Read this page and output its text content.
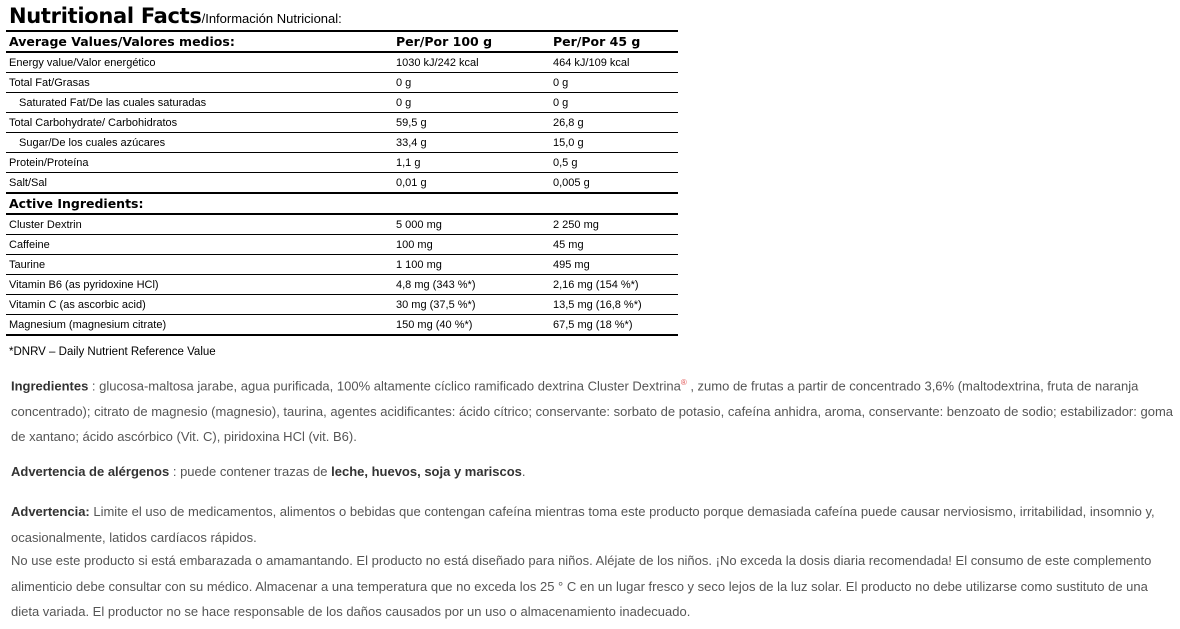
Nutritional Facts/Información Nutricional:
Average Values/Valores medios:	Per/Por 100 g	Per/Por 45 g
Energy value/Valor energético	1030 kJ/242 kcal	464 kJ/109 kcal
Total Fat/Grasas	0 g	0 g
Saturated Fat/De las cuales saturadas	0 g	0 g
Total Carbohydrate/ Carbohidratos	59,5 g	26,8 g
Sugar/De los cuales azúcares	33,4 g	15,0 g
Protein/Proteína	1,1 g	0,5 g
Salt/Sal	0,01 g	0,005 g
Active Ingredients:		
Cluster Dextrin	5 000 mg	2 250 mg
Caffeine	100 mg	45 mg
Taurine	1 100 mg	495 mg
Vitamin B6 (as pyridoxine HCl)	4,8 mg (343 %*)	2,16 mg (154 %*)
Vitamin C (as ascorbic acid)	30 mg (37,5 %*)	13,5 mg (16,8 %*)
Magnesium (magnesium citrate)	150 mg (40 %*)	67,5 mg (18 %*)
*DNRV – Daily Nutrient Reference Value
Ingredientes : glucosa-maltosa jarabe, agua purificada, 100% altamente cíclico ramificado dextrina Cluster Dextrina® , zumo de frutas a partir de concentrado 3,6% (maltodextrina, fruta de naranja concentrado); citrato de magnesio (magnesio), taurina, agentes acidificantes: ácido cítrico; conservante: sorbato de potasio, cafeína anhidra, aroma, conservante: benzoato de sodio; estabilizador: goma de xantano; ácido ascórbico (Vit. C), piridoxina HCl (vit. B6).
Advertencia de alérgenos : puede contener trazas de leche, huevos, soja y mariscos.
Advertencia: Limite el uso de medicamentos, alimentos o bebidas que contengan cafeína mientras toma este producto porque demasiada cafeína puede causar nerviosismo, irritabilidad, insomnio y, ocasionalmente, latidos cardíacos rápidos.
No use este producto si está embarazada o amamantando. El producto no está diseñado para niños. Aléjate de los niños. ¡No exceda la dosis diaria recomendada! El consumo de este complemento alimenticio debe consultar con su médico. Almacenar a una temperatura que no exceda los 25 ° C en un lugar fresco y seco lejos de la luz solar. El producto no debe utilizarse como sustituto de una dieta variada. El productor no se hace responsable de los daños causados por un uso o almacenamiento inadecuado.
